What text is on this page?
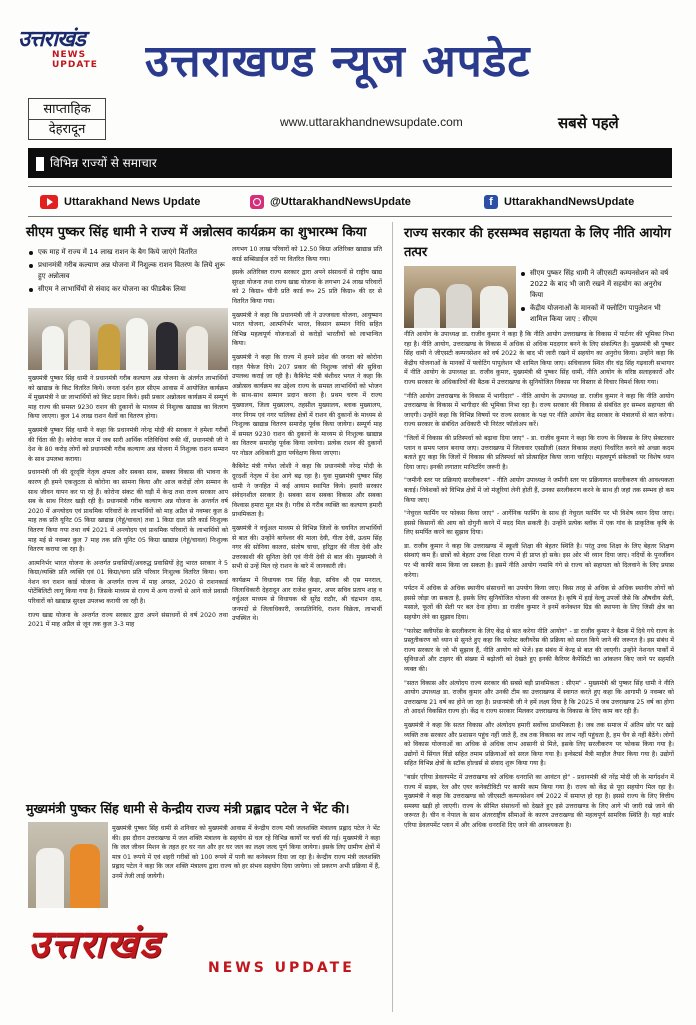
उत्तराखंड
NEWS UPDATE	उत्तराखण्ड न्यूज अपडेट
साप्ताहिक
देहरादून	www.uttarakhandnewsupdate.com	सबसे पहले
विभिन्न राज्यों से समाचार
Uttarakhand News Update	@UttarakhandNewsUpdate	f UttarakhandNewsUpdate
सीएम पुष्कर सिंह धामी ने राज्य में अन्नोत्सव कार्यक्रम का शुभारम्भ किया
एक माह में राज्य में 14 लाख राशन के बैग किये जाएंगे वितरित
प्रधानमंत्री गरीब कल्याण अन्न योजना में निशुल्क राशन वितरण के लिये शुरू हुए अन्नोत्सव
सीएम ने लाभार्थियों से संवाद कर योजना का फीडबैक लिया

मुख्यमंत्री पुष्कर सिंह धामी ने प्रधानमंत्री गरीब कल्याण अन्न योजना के अंतर्गत लाभार्थियों को खाद्यान्न के किट वितरित किये। जनता दर्शन हाल सीएम आवास में आयोजित कार्यक्रम में मुख्यमंत्री ने छः लाभार्थियों को किट प्रदान किये। इसी प्रकार अन्नोत्सव कार्यक्रम में सम्पूर्ण माह राज्य की समस्त 9230 राशन की दुकानों के माध्यम से निशुल्क खाद्यान्न का वितरण किया जाएगा। कुल 14 लाख राशन थैलों का वितरण होगा।

मुख्यमंत्री पुष्कर सिंह धामी ने कहा कि प्रधानमंत्री नरेन्द्र मोदी की सरकार ने हमेशा गरीबों की चिंता की है। कोरोना काल में जब सारी आर्थिक गतिविधियां रुकी थीं, प्रधानमंत्री जी ने देश के 80 करोड़ लोगों को प्रधानमंत्री गरीब कल्याण अन्न योजना में निशुल्क राशन सम्मान के साथ उपलब्ध कराया।

प्रधानमंत्री जी की दूरदृष्टि नेतृत्व क्षमता और सबका साथ, सबका विकास की भावना के कारण ही हमने एकजुटता से कोरोना का सामना किया और आज करोड़ों लोग सम्मान के साथ जीवन यापन कर पा रहे हैं। कोरोना संकट की घड़ी में केन्द्र तथा राज्य सरकार आप सब के साथ निरंतर खड़ी रही है। प्रधानमंत्री गरीब कल्याण अन्न योजना के अन्तर्गत वर्ष 2020 में अन्त्योदय एवं प्राथमिक परिवारों के लाभार्थियों को माह अप्रैल से नवम्बर कुल 8 माह तक प्रति यूनिट 05 किग्रा खाद्यान्न (गेहूं/चावल) तथा 1 किग्रा दाल प्रति कार्ड निःशुल्क वितरण किया गया तथा वर्ष 2021 में अन्त्योदय एवं प्राथमिक परिवारों के लाभार्थियों को माह मई से नवम्बर कुल 7 माह तक प्रति यूनिट 05 किग्रा खाद्यान्न (गेहूं/चावल) निःशुल्क वितरण कराया जा रहा है।

आत्मनिर्भर भारत योजना के अन्तर्गत प्रवासियों/अवरुद्ध प्रवासियों हेतु भारत सरकार ने 5 किग्रा/व्यक्ति प्रति व्यक्ति एवं 01 किग्रा/चना प्रति परिवार निःशुल्क वितरित किया। चना नेशन वन राशन कार्ड योजना के अन्तर्गत राज्य में माह अगस्त, 2020 से राशनकार्ड पोर्टेबिलिटी लागू किया गया है। जिसके माध्यम से राज्य में अन्य राज्यों से आने वाले प्रवासी परिवारों को खाद्यान्न सुरक्षा उपलब्ध करायी जा रही है।

राज्य खाद्य योजना के अन्तर्गत राज्य सरकार द्वारा अपने संसाधनों से वर्ष 2020 तथा 2021 में माह अप्रैल से जून तक कुल 3-3 माह

लगभग 10 लाख परिवारों को 12.50 किग्रा अतिरिक्त खाद्यान्न प्रति कार्ड सब्सिडाईज दरों पर वितरित किया गया।

इसके अतिरिक्त राज्य सरकार द्वारा अपने संसाधनों से राष्ट्रीय खाद्य सुरक्षा योजना तथा राज्य खाद्य योजना के लगभग 24 लाख परिवारों को 2 किग्रा० चीनी प्रति कार्ड रू० 25 प्रति किग्रा० की दर से वितरित किया गया।

मुख्यमंत्री ने कहा कि प्रधानमंत्री जी ने उज्जवला योजना, आयुष्मान भारत योजना, आत्मनिर्भर भारत, किसान सम्मान निधि सहित विभिन्न महत्वपूर्ण योजनाओं से करोड़ों भारतीयों को लाभान्वित किया।

मुख्यमंत्री ने कहा कि राज्य में हमने प्रदेश की जनता को कोरोना राहत पैकेज दिये। 207 प्रकार की निशुल्क जांचों की सुविधा उपलब्ध कराई जा रही है। कैबिनेट मंत्री बंशीधर भगत ने कहा कि अन्नोत्सव कार्यक्रम का उद्देश्य राज्य के समस्त लाभार्थियों को भोजन के साथ-साथ सम्मान प्रदान करना है। प्रथम चरण में राज्य मुख्यालय, जिला मुख्यालय, तहसील मुख्यालय, ब्लाक मुख्यालय, नगर निगम एवं नगर पालिका क्षेत्रों में राशन की दुकानों के माध्यम से निःशुल्क खाद्यान्न वितरण समारोह पूर्वक किया जायेगा। सम्पूर्ण माह में समस्त 9230 राशन की दुकानों के माध्यम से निःशुल्क खाद्यान्न का वितरण समारोह पूर्वक किया जायेगा। प्रत्येक राशन की दुकानों पर नोडल अधिकारी द्वारा पर्यवेक्षण किया जाएगा।

कैबिनेट मंत्री गणेश जोशी ने कहा कि प्रधानमंत्री नरेन्द्र मोदी के दूरदर्शी नेतृत्व में देश आगे बढ़ रहा है। युवा मुख्यमंत्री पुष्कर सिंह धामी ने जनहित में कई आयाम स्थापित किये। हमारी सरकार संवेदनशील सरकार है। सबका साथ सबका विकास और सबका विश्वास हमारा मूल मंत्र है। गरीब से गरीब व्यक्ति का कल्याण हमारी प्राथमिकता है।

मुख्यमंत्री ने वर्चुअल माध्यम से विभिन्न जिलों के चयनित लाभार्थियों से बात की। उन्होंने बागेश्वर की माला देवी, गीता देवी, ऊधम सिंह नगर की सोनिया कालरा, संतोष चाचा, हरिद्वार की नीता देवी और उत्तरकाशी की सुनिता देवी एवं नीनी देवी से बात की। मुख्यमंत्री ने सभी से उन्हें मिल रहे राशन के बारे में जानकारी ली।

कार्यक्रम में विधायक राम सिंह कैड़ा, सचिव श्री एस मनराल, जिलाधिकारी देहरादून आर राजेश कुमार, अपर सचिव प्रताप शाह व वर्चुअल माध्यम से विधायक श्री सुरेंद्र राठौर, श्री चंद्रभान दास, जनपदों से जिलाधिकारी, जनप्रतिनिधि, राशन विक्रेता, लाभार्थी उपस्थित थे।

राज्य सरकार की हरसम्भव सहायता के लिए नीति आयोग तत्पर
सीएम पुष्कर सिंह धामी ने जीएसटी कम्पनसेशन को वर्ष 2022 के बाद भी जारी रखने में सहयोग का अनुरोध किया
केंद्रीय योजनाओं के मानकों में फ्लोटिंग पापुलेशन भी शामिल किया जाए : सीएम

नीति आयोग के उपाध्यक्ष डा. राजीव कुमार ने कहा है कि नीति आयोग उत्तराखण्ड के विकास में पार्टनर की भूमिका निभा रहा है। नीति आयोग, उत्तराखण्ड के विकास में अधिक से अधिक मददगार बनने के लिए संकल्पित है। मुख्यमंत्री श्री पुष्कर सिंह धामी ने जीएसटी कम्पनसेशन को वर्ष 2022 के बाद भी जारी रखने में सहयोग का अनुरोध किया। उन्होंने कहा कि केंद्रीय योजनाओं के मानकों में फ्लोटिंग पापुलेशन भी शामिल किया जाए। सचिवालय स्थित वीर चंद्र सिंह गढ़वाली सभागार में नीति आयोग के उपाध्यक्ष डा. राजीव कुमार, मुख्यमंत्री श्री पुष्कर सिंह धामी, नीति आयोग के वरिष्ठ सलाहकारों और राज्य सरकार के अधिकारियों की बैठक में उत्तराखण्ड के सुनियोजित विकास पर विस्तार से विचार विमर्श किया गया।

"नीति आयोग उत्तराखण्ड के विकास में भागीदार" - नीति आयोग के उपाध्यक्ष डा. राजीव कुमार ने कहा कि नीति आयोग उत्तराखण्ड के विकास में भागीदार की भूमिका निभा रहा है। राज्य सरकार की विकास से संबंधित हर सम्भव सहायता की जाएगी। उन्होंने कहा कि विभिन्न विषयों पर राज्य सरकार के पक्ष पर नीति आयोग केंद्र सरकार के मंत्रालयों से बात करेगा। राज्य सरकार के संबंधित अधिकारी भी निरंतर फॉलोअप करें।

"जिलों में विकास की प्रतिस्पर्धा को बढ़ावा दिया जाए" - डा. राजीव कुमार ने कहा कि राज्य के विकास के लिए सेक्टरवार प्लान व समय प्लान बनाया जाए। उत्तराखण्ड में जिलावार एसडीजी (सतत विकास लक्ष्य) निर्धारित करने को अच्छा कदम बताते हुए कहा कि जिलों में विकास की प्रतिस्पर्धा को प्रोत्साहित किया जाना चाहिए। महत्वपूर्ण संकेतकों पर विशेष ध्यान दिया जाए। इनकी लगातार मानिटरिंग जरूरी है।

"जमीनी स्तर पर प्रक्रियाएं सरलीकरण" - नीति आयोग उपाध्यक्ष ने जमीनी स्तर पर प्रक्रियागत सरलीकरण की आवश्यकता बताई। निवेशकों को विभिन्न क्षेत्रों में जो मंजूरियां लेनी होती हैं, उनका सरलीकरण करने के साथ ही जहां तक सम्भव हो कम किया जाए।

"नेचुरल फार्मिंग पर फोकस किया जाए" - आर्गेनिक फार्मिंग के साथ ही नेचुरल फार्मिंग पर भी विशेष ध्यान दिया जाए। इससे किसानों की आय को दोगुनी करने में मदद मिल सकती है। उन्होंने प्रत्येक ब्लॉक में एक गांव के प्राकृतिक कृषि के लिए समर्पित करने का सुझाव दिया।

डा. राजीव कुमार ने कहा कि उत्तराखण्ड में स्कूली शिक्षा की बेहतर स्थिति है। परंतु उच्च शिक्षा के लिए बेहतर शिक्षण संस्थाएं कम हैं। छात्रों को बेहतर उच्च शिक्षा राज्य में ही प्राप्त हो सके। इस ओर भी ध्यान दिया जाए। नदियों के पुनर्जीवन पर भी काफी काम किया जा सकता है। इसमें नीति आयोग नमामि गंगे से राज्य को सहायता को दिलवाने के लिए प्रयास करेगा।

पर्यटन में अधिक से अधिक स्थानीय संसाधनों का उपयोग किया जाए। किस तरह से अधिक से अधिक स्थानीय लोगों को इससे जोड़ा जा सकता है, इसके लिए सुनियोजित योजना की जरूरत है। कृषि में हाई वेल्यू उपजों जैसे कि औषधीय सेती, मसाले, फूलों की सेती पर बल देना होगा। डा राजीव कुमार ने इनमें कनेक्शन ग्रिड की स्थापना के लिए जिसी क्षेत्र का सहयोग लेने का सुझाव दिया।

"फारेस्ट क्लीयरेंस के सरलीकरण के लिए केंद्र से बात करेगा नीति आयोग" - डा राजीव कुमार ने बैठक में दिये गये राज्य के प्रस्तुतीकरण को ध्यान से सुनते हुए कहा कि फारेस्ट क्लीयरेंस की प्रक्रिया को सरल किये जाने की जरूरत है। इस संबंध में राज्य सरकार के जो भी सुझाव हैं, नीति आयोग को भेजें। इस संबंध में केन्द्र से बात की जाएगी। उन्होंने नेशनल पार्कों में सुविधाओं और टाइगर की संख्या में बढ़ोतरी को देखते हुए इनकी कैरियर कैपेसिटी का आंकलन किए जाने पर सहमति व्यक्त की।

"सतत विकास और अंत्योदय राज्य सरकार की सबसे बड़ी प्राथमिकता : सीएम" - मुख्यमंत्री श्री पुष्कर सिंह धामी ने नीति आयोग उपाध्यक्ष डा. राजीव कुमार और उनकी टीम का उत्तराखण्ड में स्वागत करते हुए कहा कि आगामी 9 नवम्बर को उत्तराखण्ड 21 वर्ष का होने जा रहा है। प्रधानमंत्री जी ने हमें लक्ष्य दिया है कि 2025 में जब उत्तराखण्ड 25 वर्ष का होगा तो आदर्श विकसित राज्य हो। केंद्र व राज्य सरकार मिलकर उत्तराखण्ड के विकास के लिए काम कर रही हैं।

मुख्यमंत्री ने कहा कि सतत विकास और अंत्योदय हमारी सर्वोच्च प्राथमिकता है। जब तक समाज में अंतिम छोर पर खड़े व्यक्ति तक सरकार और प्रशासन पहुंच नहीं जाते हैं, तब तक विकास का लाभ नहीं पहुंचता है, हम चैन से नहीं बैठेंगे। लोगों को विकास योजनाओं का अधिक से अधिक लाभ आसानी से मिले, इसके लिए सरलीकरण पर फोकस किया गया है। उद्योगों में सिंगल विंडो सहित तमाम प्रक्रियाओं को सरल किया गया है। इन्वेस्टर्स मैत्री माहौल तैयार किया गया है। उद्योगों सहित विभिन्न क्षेत्रों के स्टॉक होल्डर्स से संवाद शुरू किया गया है।

"बार्डर एरिया डेवलपमेंट में उत्तराखण्ड को अधिक धनराशि का आवंटन हो" - प्रधानमंत्री श्री नरेंद्र मोदी जी के मार्गदर्शन में राज्य में सड़क, रेल और एयर कनेक्टीविटी पर काफी काम किया गया है। राज्य को केंद्र से पूरा सहयोग मिल रहा है। मुख्यमंत्री ने कहा कि उत्तराखण्ड को जीएसटी कम्पनसेशन वर्ष 2022 में समाप्त हो रहा है। इससे राज्य के लिए वित्तीय समस्या खड़ी हो जाएगी। राज्य के सीमित संसाधनों को देखते हुए इसे उत्तराखण्ड के लिए आगे भी जारी रखे जाने की जरूरत है। चीन व नेपाल के साथ अंतरराष्ट्रीय सीमाओं के कारण उत्तराखण्ड की महत्वपूर्ण सामरिक स्थिति है। यहां बार्डर एरिया डेवलपमेंट प्लान में और अधिक धनराशि दिए जाने की आवश्यकता है।

मुख्यमंत्री पुष्कर सिंह धामी से केन्द्रीय राज्य मंत्री प्रह्लाद पटेल ने भेंट की।

मुख्यमंत्री पुष्कर सिंह धामी से शनिवार को मुख्यमंत्री आवास में केन्द्रीय राज्य मंत्री जलशक्ति मंत्रालय प्रह्लाद पटेल ने भेंट की। इस दौरान उत्तराखण्ड में जल शक्ति मंत्रालय के सहयोग से चल रहे विभिन्न कार्यों पर चर्चा की गई। मुख्यमंत्री ने कहा कि जल जीवन मिशन के तहत हर घर नल और हर घर जल का लक्ष्य जल्द पूर्ण किया जायेगा। इसके लिए ग्रामीण क्षेत्रों में मात्र 01 रूपये में एवं शहरी गरीबों को 100 रूपये में पानी का कनेक्शन दिया जा रहा है। केन्द्रीय राज्य मंत्री जलशक्ति प्रह्लाद पटेल ने कहा कि जल शक्ति मंत्रालय द्वारा राज्य को हर संभव सहयोग दिया जायेगा। जो प्रकरण अभी प्रक्रिया में हैं, उनमें तेजी लाई जायेगी।

उत्तराखंड
NEWS UPDATE
